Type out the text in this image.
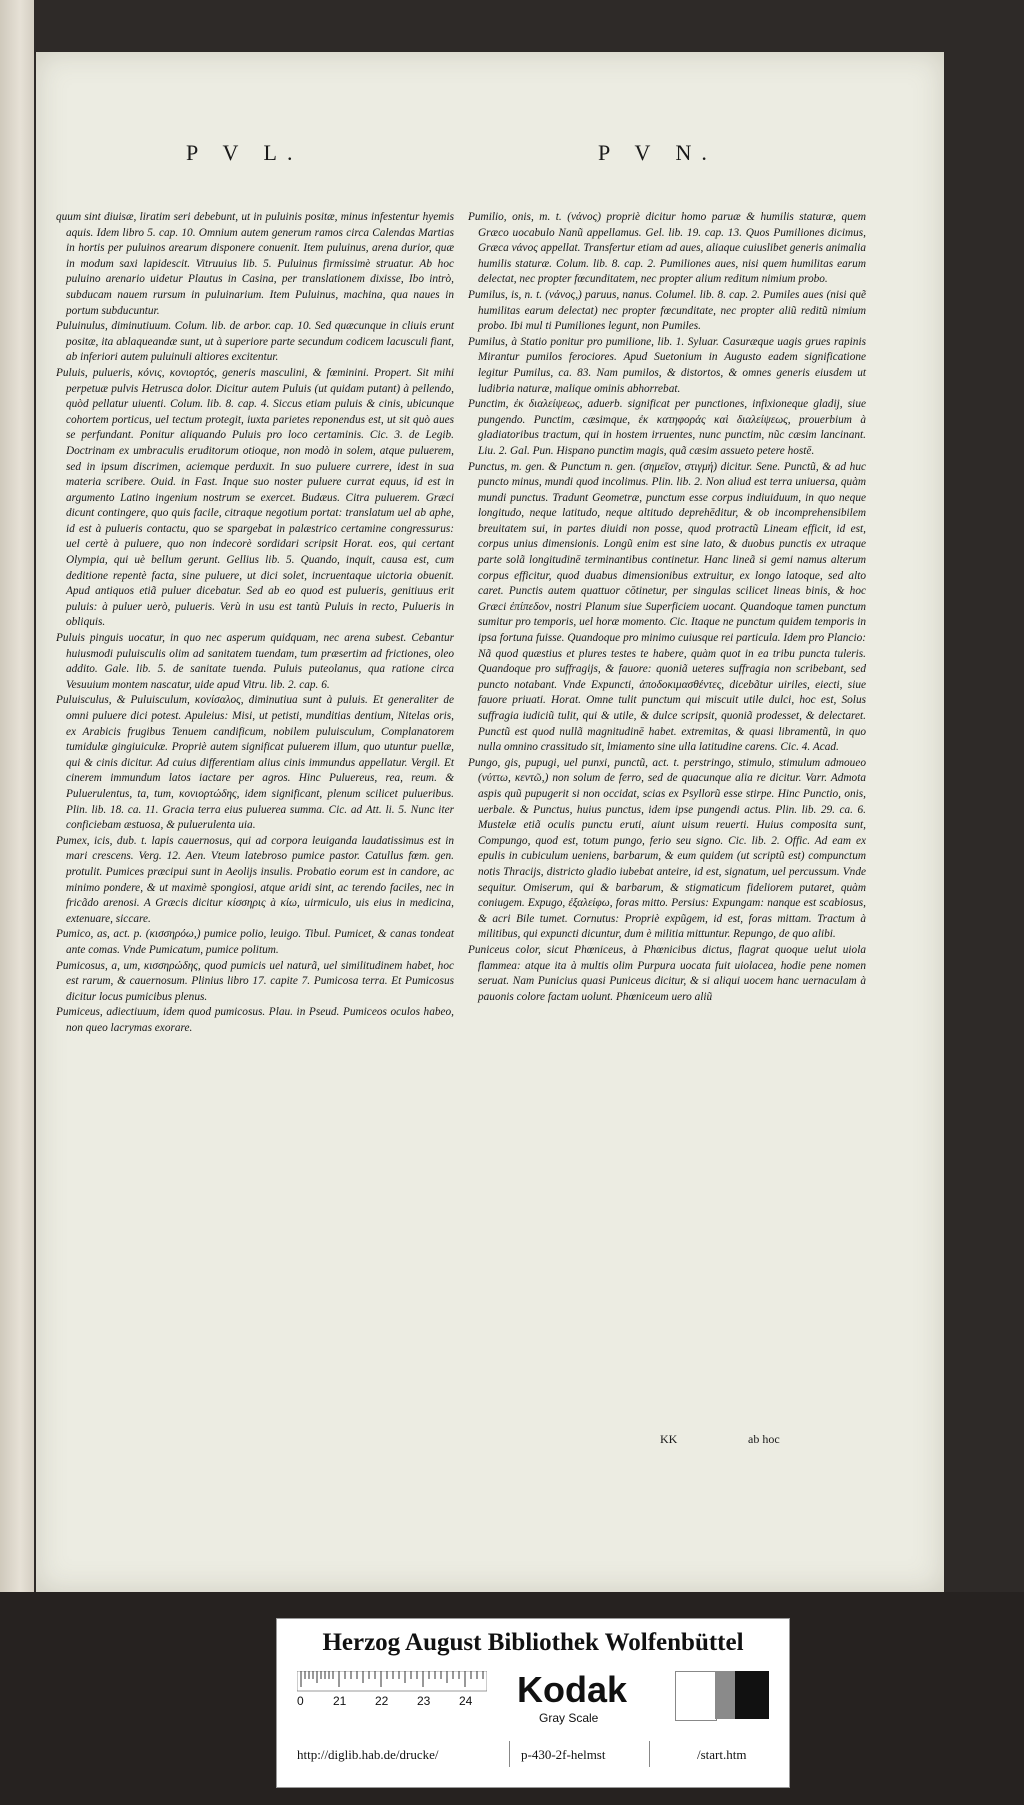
P V L.	P V N.

quum sint diuisæ, liratim seri debebunt, ut in puluinis positæ, minus infestentur hyemis aquis. Idem libro 5. cap. 10. Omnium autem generum ramos circa Calendas Martias in hortis per puluinos arearum disponere conuenit. Item puluinus, arena durior, quæ in modum saxi lapidescit. Vitruuius lib. 5. Puluinus firmissimè struatur. Ab hoc puluino arenario uidetur Plautus in Casina, per translationem dixisse, Ibo intrò, subducam nauem rursum in puluinarium. Item Puluinus, machina, qua naues in portum subducuntur.

Puluinulus, diminutiuum. Colum. lib. de arbor. cap. 10. Sed quæcunque in cliuis erunt positæ, ita ablaqueandæ sunt, ut à superiore parte secundum codicem lacusculi fiant, ab inferiori autem puluinuli altiores excitentur.

Puluis, pulueris, κόνις, κονιορτός, generis masculini, & fœminini. Propert. Sit mihi perpetuæ pulvis Hetrusca dolor. Dicitur autem Puluis (ut quidam putant) à pellendo, quòd pellatur uiuenti. Colum. lib. 8. cap. 4. Siccus etiam puluis & cinis, ubicunque cohortem porticus, uel tectum protegit, iuxta parietes reponendus est, ut sit quò aues se perfundant. Ponitur aliquando Puluis pro loco certaminis. Cic. 3. de Legib. Doctrinam ex umbraculis eruditorum otioque, non modò in solem, atque puluerem, sed in ipsum discrimen, aciemque perduxit. In suo puluere currere, idest in sua materia scribere. Ouid. in Fast. Inque suo noster puluere currat equus, id est in argumento Latino ingenium nostrum se exercet. Budæus. Citra puluerem. Græci dicunt contingere, quo quis facile, citraque negotium portat: translatum uel ab aphe, id est à pulueris contactu, quo se spargebat in palæstrico certamine congressurus: uel certè à puluere, quo non indecorè sordidari scripsit Horat. eos, qui certant Olympia, qui uè bellum gerunt. Gellius lib. 5. Quando, inquit, causa est, cum deditione repentè facta, sine puluere, ut dici solet, incruentaque uictoria obuenit. Apud antiquos etiã puluer dicebatur. Sed ab eo quod est pulueris, genitiuus erit puluis: à puluer uerò, pulueris. Verù in usu est tantù Puluis in recto, Pulueris in obliquis.

Puluis pinguis uocatur, in quo nec asperum quidquam, nec arena subest. Cebantur huiusmodi puluisculis olim ad sanitatem tuendam, tum præsertim ad frictiones, oleo addito. Gale. lib. 5. de sanitate tuenda. Puluis puteolanus, qua ratione circa Vesuuium montem nascatur, uide apud Vitru. lib. 2. cap. 6.

Puluisculus, & Puluisculum, κονίσαλος, diminutiua sunt à puluis. Et generaliter de omni puluere dici potest. Apuleius: Misi, ut petisti, munditias dentium, Nitelas oris, ex Arabicis frugibus Tenuem candificum, nobilem puluisculum, Complanatorem tumidulæ gingiuiculæ. Propriè autem significat puluerem illum, quo utuntur puellæ, qui & cinis dicitur. Ad cuius differentiam alius cinis immundus appellatur. Vergil. Et cinerem immundum latos iactare per agros. Hinc Puluereus, rea, reum. & Puluerulentus, ta, tum, κονιορτώδης, idem significant, plenum scilicet pulueribus. Plin. lib. 18. ca. 11. Gracia terra eius puluerea summa. Cic. ad Att. li. 5. Nunc iter conficiebam æstuosa, & puluerulenta uia.

Pumex, icis, dub. t. lapis cauernosus, qui ad corpora leuiganda laudatissimus est in mari crescens. Verg. 12. Aen. Vteum latebroso pumice pastor. Catullus fœm. gen. protulit. Pumices præcipui sunt in Aeolijs insulis. Probatio eorum est in candore, ac minimo pondere, & ut maximè spongiosi, atque aridi sint, ac terendo faciles, nec in fricãdo arenosi. A Græcis dicitur κίσσηρις à κίω, uirmiculo, uis eius in medicina, extenuare, siccare.

Pumico, as, act. p. (κισσηρόω,) pumice polio, leuigo. Tibul. Pumicet, & canas tondeat ante comas. Vnde Pumicatum, pumice politum.

Pumicosus, a, um, κισσηρώδης, quod pumicis uel naturã, uel similitudinem habet, hoc est rarum, & cauernosum. Plinius libro 17. capite 7. Pumicosa terra. Et Pumicosus dicitur locus pumicibus plenus.

Pumiceus, adiectiuum, idem quod pumicosus. Plau. in Pseud. Pumiceos oculos habeo, non queo lacrymas exorare.

Pumilio, onis, m. t. (νάνος) propriè dicitur homo paruæ & humilis staturæ, quem Græco uocabulo Nanũ appellamus. Gel. lib. 19. cap. 13. Quos Pumiliones dicimus, Græca νάνος appellat. Transfertur etiam ad aues, aliaque cuiuslibet generis animalia humilis staturæ. Colum. lib. 8. cap. 2. Pumiliones aues, nisi quem humilitas earum delectat, nec propter fœcunditatem, nec propter alium reditum nimium probo.

Pumilus, is, n. t. (νάνος,) paruus, nanus. Columel. lib. 8. cap. 2. Pumiles aues (nisi quẽ humilitas earum delectat) nec propter fœcunditate, nec propter aliũ reditũ nimium probo. Ibi mul ti Pumiliones legunt, non Pumiles.

Pumilus, à Statio ponitur pro pumilione, lib. 1. Syluar. Casuræque uagis grues rapinis Mirantur pumilos ferociores. Apud Suetonium in Augusto eadem significatione legitur Pumilus, ca. 83. Nam pumilos, & distortos, & omnes generis eiusdem ut ludibria naturæ, malique ominis abhorrebat.

Punctim, ἐκ διαλείψεως, aduerb. significat per punctiones, infixioneque gladij, siue pungendo. Punctim, cæsimque, ἐκ κατηφοράς καὶ διαλείψεως, prouerbium à gladiatoribus tractum, qui in hostem irruentes, nunc punctim, nũc cæsim lancinant. Liu. 2. Gal. Pun. Hispano punctim magis, quã cæsim assueto petere hostē.

Punctus, m. gen. & Punctum n. gen. (σημεῖον, στιγμή) dicitur. Sene. Punctũ, & ad huc puncto minus, mundi quod incolimus. Plin. lib. 2. Non aliud est terra uniuersa, quàm mundi punctus. Tradunt Geometræ, punctum esse corpus indiuiduum, in quo neque longitudo, neque latitudo, neque altitudo deprehēditur, & ob incomprehensibilem breuitatem sui, in partes diuidi non posse, quod protractũ Lineam efficit, id est, corpus unius dimensionis. Longũ enim est sine lato, & duobus punctis ex utraque parte solã longitudinē terminantibus continetur. Hanc lineã si gemi namus alterum corpus efficitur, quod duabus dimensionibus extruitur, ex longo latoque, sed alto caret. Punctis autem quattuor cōtinetur, per singulas scilicet lineas binis, & hoc Græci ἐπίπεδον, nostri Planum siue Superficiem uocant. Quandoque tamen punctum sumitur pro temporis, uel horæ momento. Cic. Itaque ne punctum quidem temporis in ipsa fortuna fuisse. Quandoque pro minimo cuiusque rei particula. Idem pro Plancio: Nã quod quæstius et plures testes te habere, quàm quot in ea tribu puncta tuleris. Quandoque pro suffragijs, & fauore: quoniã ueteres suffragia non scribebant, sed puncto notabant. Vnde Expuncti, ἀποδοκιμασθέντες, dicebãtur uiriles, eiecti, siue fauore priuati. Horat. Omne tulit punctum qui miscuit utile dulci, hoc est, Solus suffragia iudiciũ tulit, qui & utile, & dulce scripsit, quoniã prodesset, & delectaret. Punctũ est quod nullã magnitudinē habet. extremitas, & quasi libramentũ, in quo nulla omnino crassitudo sit, lmiamento sine ulla latitudine carens. Cic. 4. Acad.

Pungo, gis, pupugi, uel punxi, punctũ, act. t. perstringo, stimulo, stimulum admoueo (νύττω, κεντῶ,) non solum de ferro, sed de quacunque alia re dicitur. Varr. Admota aspis quũ pupugerit si non occidat, scias ex Psyllorũ esse stirpe. Hinc Punctio, onis, uerbale. & Punctus, huius punctus, idem ipse pungendi actus. Plin. lib. 29. ca. 6. Mustelæ etiã oculis punctu eruti, aiunt uisum reuerti. Huius composita sunt, Compungo, quod est, totum pungo, ferio seu signo. Cic. lib. 2. Offic. Ad eam ex epulis in cubiculum ueniens, barbarum, & eum quidem (ut scriptũ est) compunctum notis Thracijs, districto gladio iubebat anteire, id est, signatum, uel percussum. Vnde sequitur. Omiserum, qui & barbarum, & stigmaticum fideliorem putaret, quàm coniugem. Expugo, ἐξαλείφω, foras mitto. Persius: Expungam: nanque est scabiosus, & acri Bile tumet. Cornutus: Propriè expũgem, id est, foras mittam. Tractum à militibus, qui expuncti dicuntur, dum è militia mittuntur. Repungo, de quo alibi.

Puniceus color, sicut Phœniceus, à Phœnicibus dictus, flagrat quoque uelut uiola flammea: atque ita à multis olim Purpura uocata fuit uiolacea, hodie pene nomen seruat. Nam Punicius quasi Puniceus dicitur, & si aliqui uocem hanc uernaculam à pauonis colore factam uolunt. Phœniceum uero aliũ

KK	ab hoc
Herzog August Bibliothek Wolfenbüttel
0 21 22 23 24 Kodak
Gray Scale
http://diglib.hab.de/drucke/	p-430-2f-helmst	/start.htm
